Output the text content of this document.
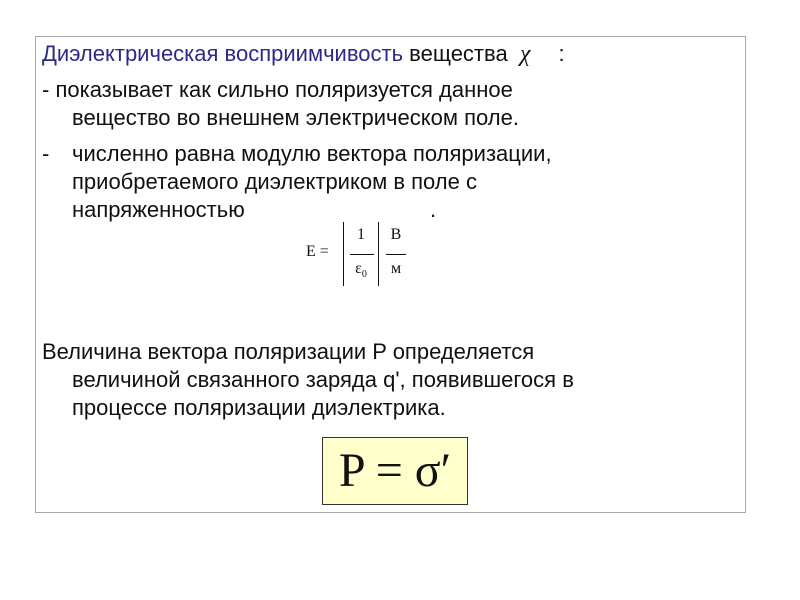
Диэлектрическая восприимчивость вещества χ :
- показывает как сильно поляризуется данное
вещество во внешнем электрическом поле.
- численно равна модулю вектора поляризации,
приобретаемого диэлектриком в поле с
напряженностью	.
E =
1
$\varepsilon_0$
В
м
Величина вектора поляризации P определяется
величиной связанного заряда q', появившегося в
процессе поляризации диэлектрика.
P = σ′
